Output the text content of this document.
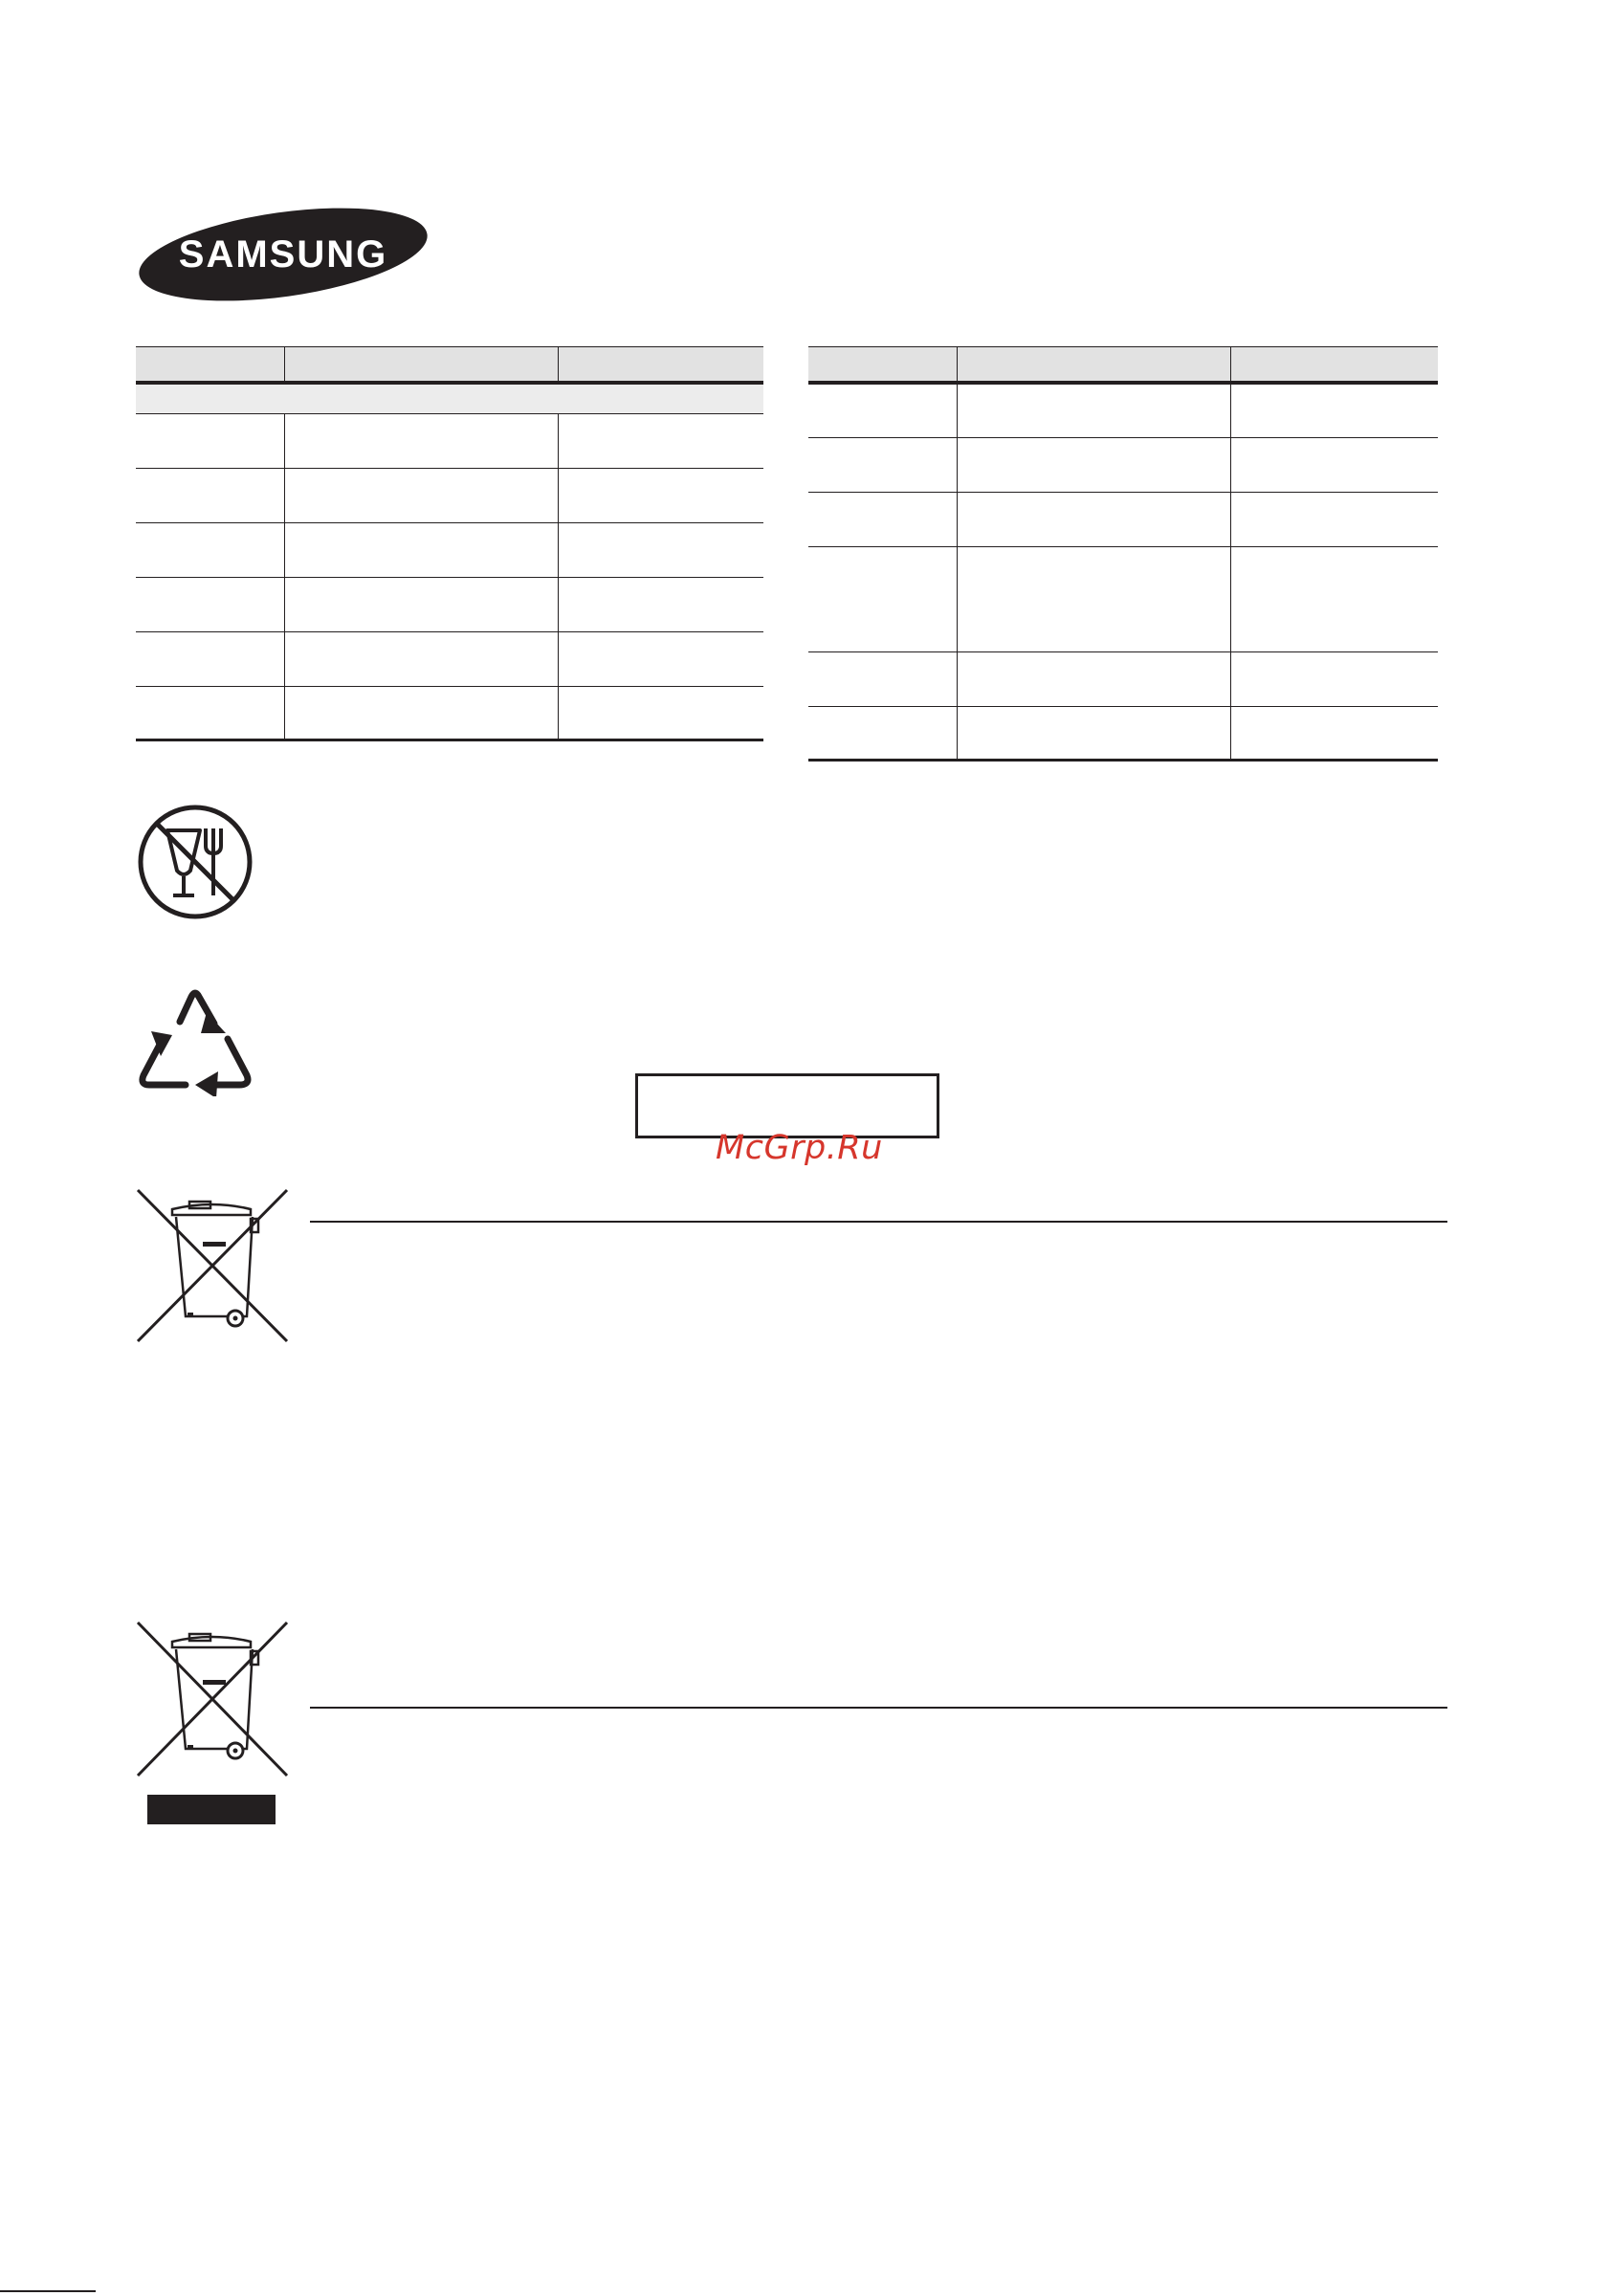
SAMSUNG

McGrp.Ru
